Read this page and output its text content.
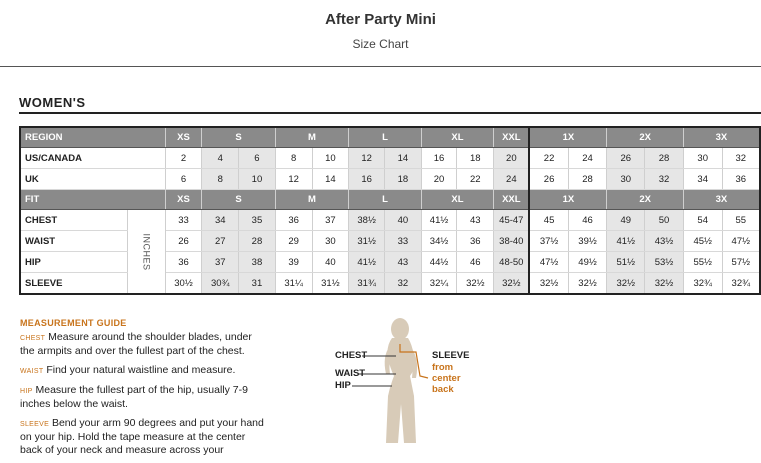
After Party Mini
Size Chart
WOMEN'S
REGION		XS	S		M		L		XL		XXL	1X		2X		3X	
US/CANADA		2	4	6	8	10	12	14	16	18	20	22	24	26	28	30	32
UK		6	8	10	12	14	16	18	20	22	24	26	28	30	32	34	36
FIT		XS	S		M		L		XL		XXL	1X		2X		3X	
CHEST	INCHES	33	34	35	36	37	38½	40	41½	43	45-47	45	46	49	50	54	55
WAIST		26	27	28	29	30	31½	33	34½	36	38-40	37½	39½	41½	43½	45½	47½
HIP		36	37	38	39	40	41½	43	44½	46	48-50	47½	49½	51½	53½	55½	57½
SLEEVE		30½	30¾	31	31¼	31½	31¾	32	32¼	32½	32½	32½	32½	32½	32½	32¾	32¾
MEASUREMENT GUIDE

CHEST Measure around the shoulder blades, under the armpits and over the fullest part of the chest.

WAIST Find your natural waistline and measure.

HIP Measure the fullest part of the hip, usually 7-9 inches below the waist.

SLEEVE Bend your arm 90 degrees and put your hand on your hip. Hold the tape measure at the center back of your neck and measure across your

CHEST
WAIST
HIP
SLEEVE
from
center
back
